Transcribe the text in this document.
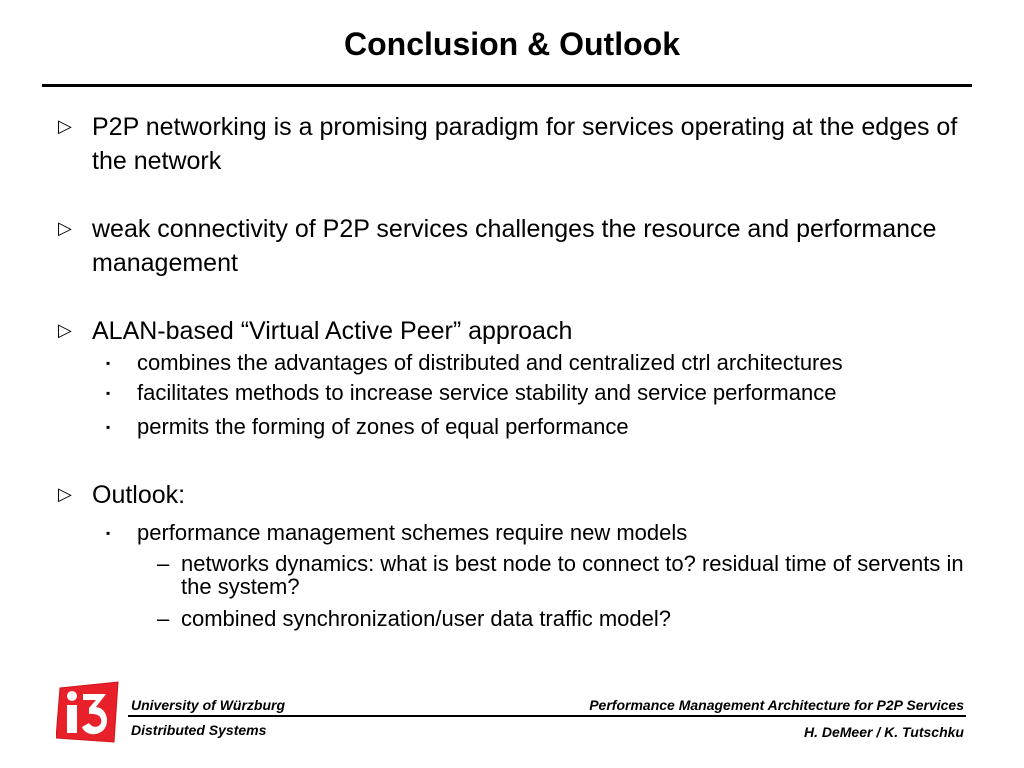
Conclusion & Outlook
▷ P2P networking is a promising paradigm for services operating at the edges of the network
▷ weak connectivity of P2P services challenges the resource and performance management
▷ ALAN-based “Virtual Active Peer” approach
▪ combines the advantages of distributed and centralized ctrl architectures
▪ facilitates methods to increase service stability and service performance
▪ permits the forming of zones of equal performance
▷ Outlook:
▪ performance management schemes require new models
– networks dynamics: what is best node to connect to? residual time of servents in the system?
– combined synchronization/user data traffic model?
University of Würzburg
Distributed Systems
Performance Management Architecture for P2P Services
H. DeMeer / K. Tutschku
